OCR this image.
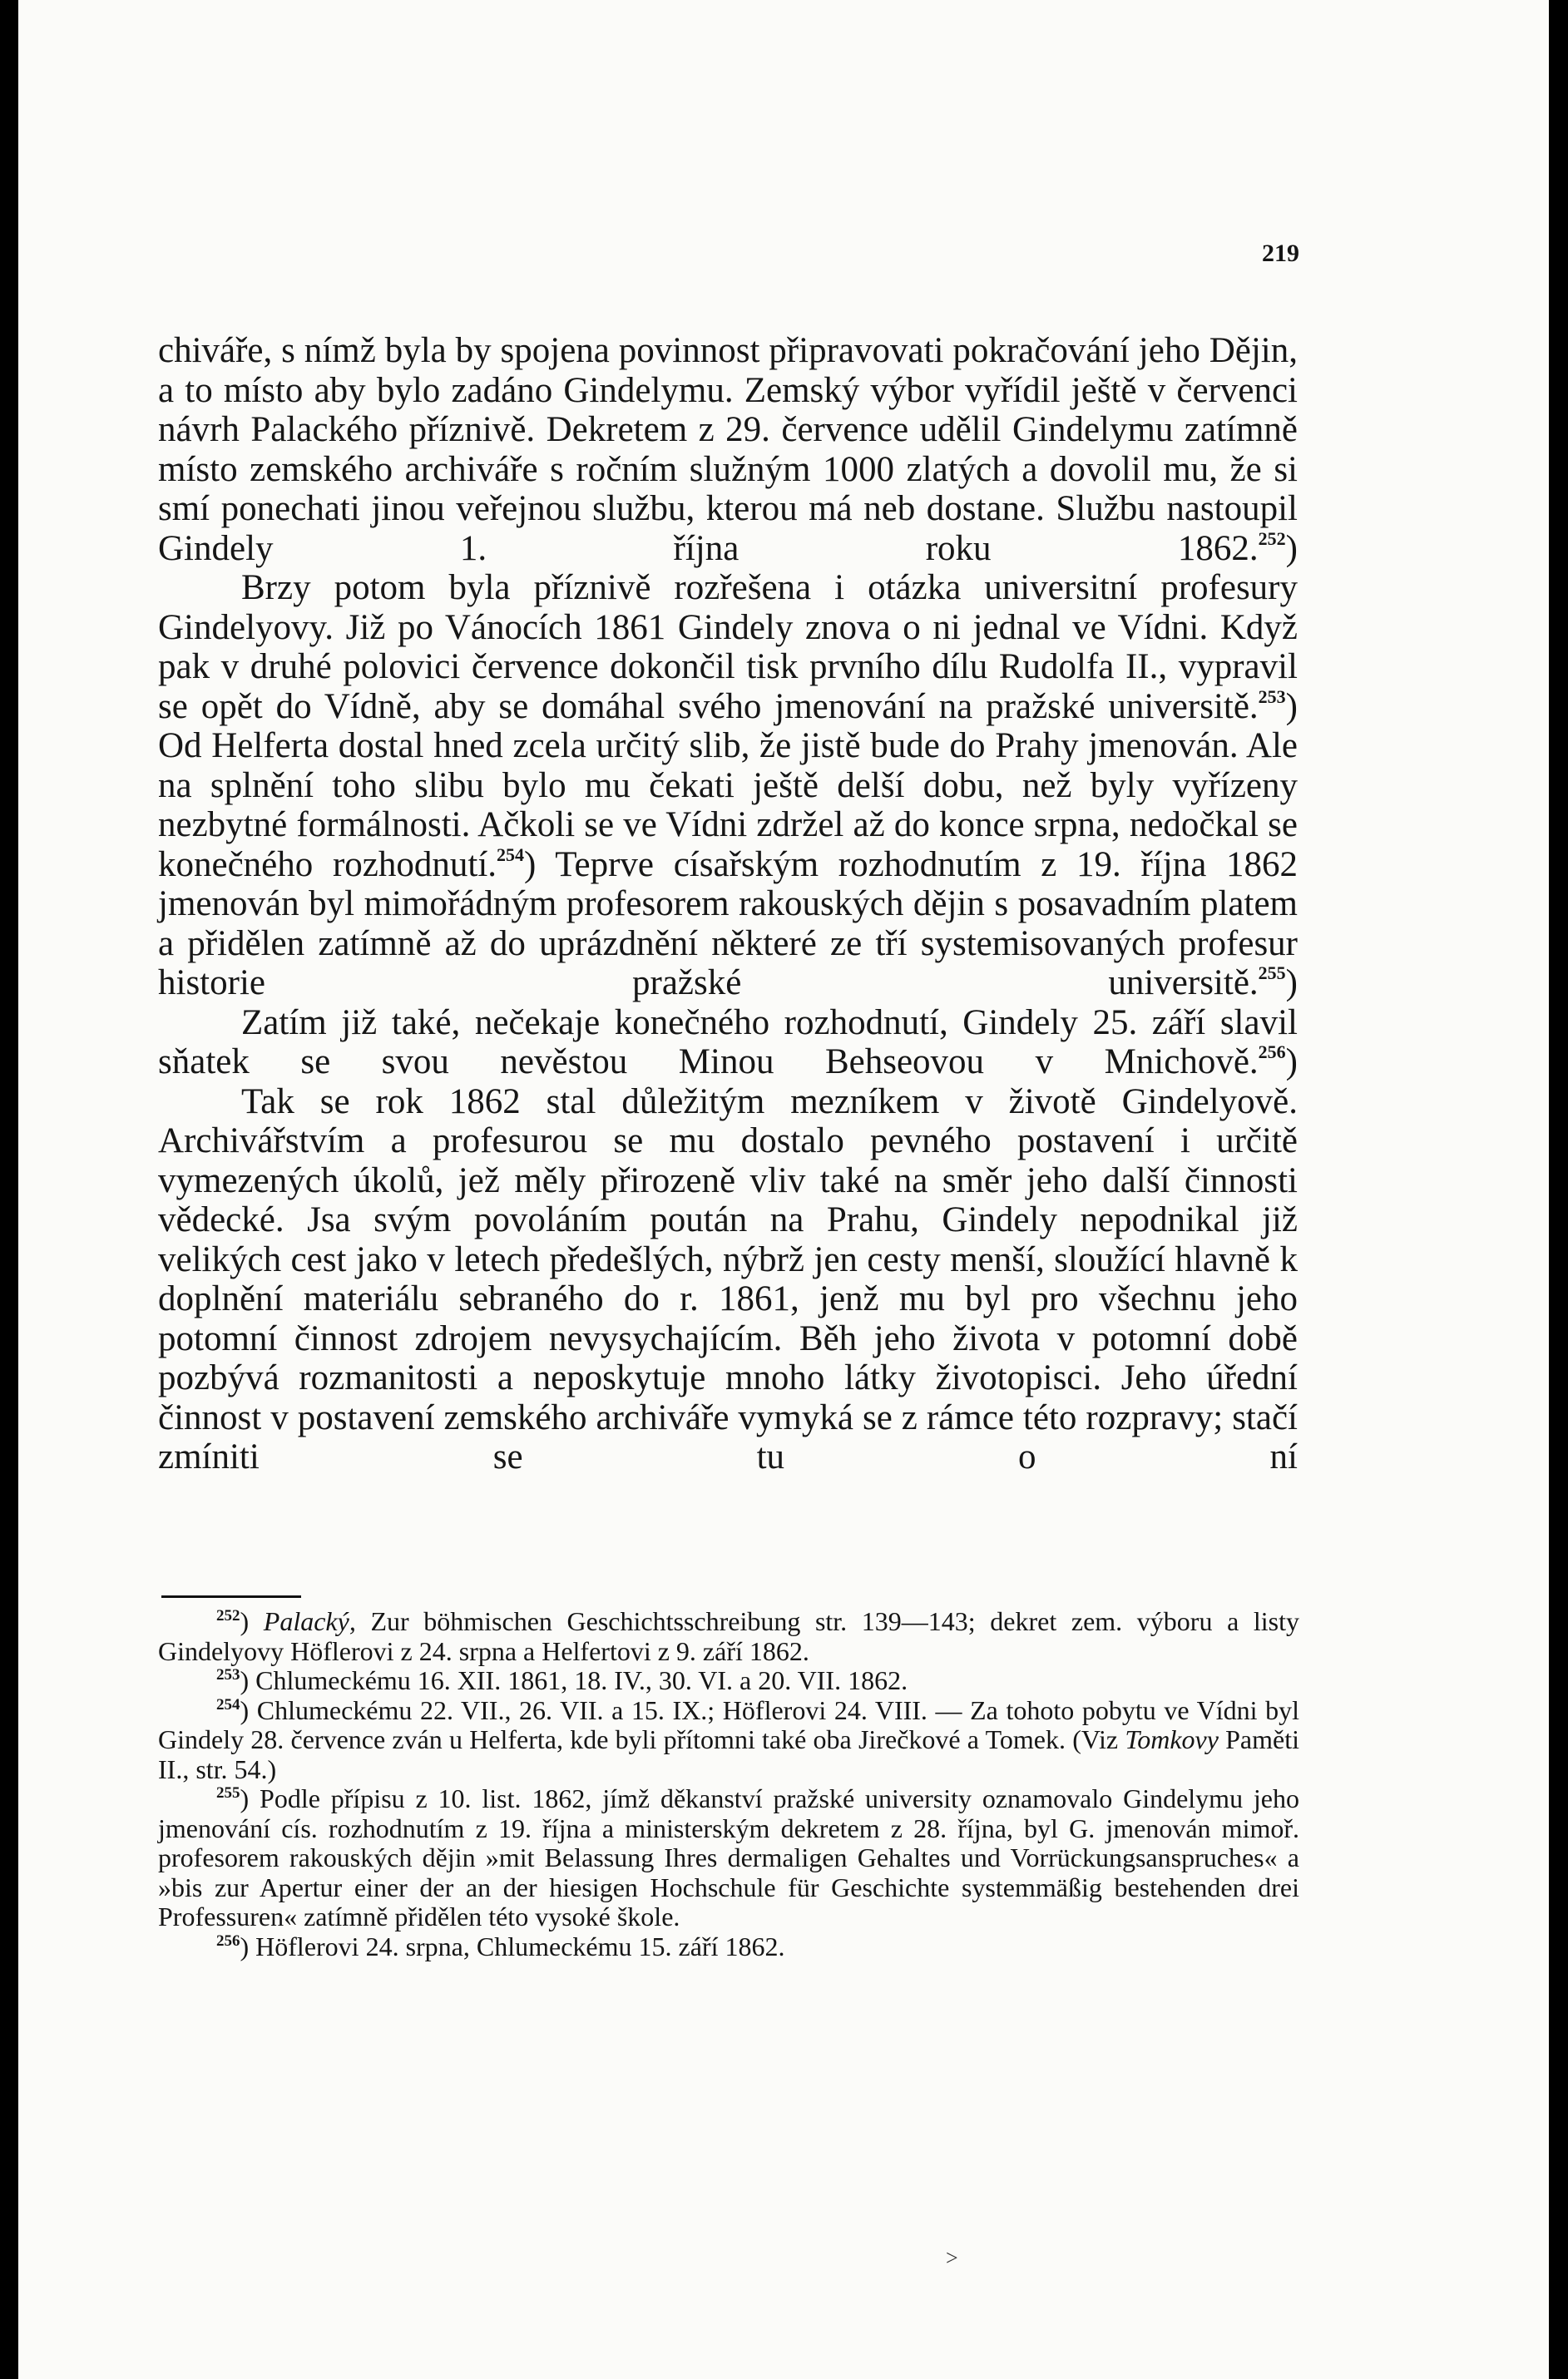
219

chiváře, s nímž byla by spojena povinnost připravovati pokračování jeho Dějin, a to místo aby bylo zadáno Gindelymu. Zemský výbor vyřídil ještě v červenci návrh Palackého příznivě. Dekretem z 29. července udělil Gindelymu zatímně místo zemského archiváře s ročním služným 1000 zlatých a dovolil mu, že si smí ponechati jinou veřejnou službu, kterou má neb dostane. Službu nastoupil Gindely 1. října roku 1862.$^{252}$)

Brzy potom byla příznivě rozřešena i otázka universitní profesury Gindelyovy. Již po Vánocích 1861 Gindely znova o ni jednal ve Vídni. Když pak v druhé polovici července dokončil tisk prvního dílu Rudolfa II., vypravil se opět do Vídně, aby se domáhal svého jmenování na pražské universitě.$^{253}$) Od Helferta dostal hned zcela určitý slib, že jistě bude do Prahy jmenován. Ale na splnění toho slibu bylo mu čekati ještě delší dobu, než byly vyřízeny nezbytné formálnosti. Ačkoli se ve Vídni zdržel až do konce srpna, nedočkal se konečného rozhodnutí.$^{254}$) Teprve císařským rozhodnutím z 19. října 1862 jmenován byl mimořádným profesorem rakouských dějin s posavadním platem a přidělen zatímně až do uprázdnění některé ze tří systemisovaných profesur historie pražské universitě.$^{255}$)

Zatím již také, nečekaje konečného rozhodnutí, Gindely 25. září slavil sňatek se svou nevěstou Minou Behseovou v Mnichově.$^{256}$)

Tak se rok 1862 stal důležitým mezníkem v životě Gindelyově. Archivářstvím a profesurou se mu dostalo pevného postavení i určitě vymezených úkolů, jež měly přirozeně vliv také na směr jeho další činnosti vědecké. Jsa svým povoláním poután na Prahu, Gindely nepodnikal již velikých cest jako v letech předešlých, nýbrž jen cesty menší, sloužící hlavně k doplnění materiálu sebraného do r. 1861, jenž mu byl pro všechnu jeho potomní činnost zdrojem nevysychajícím. Běh jeho života v potomní době pozbývá rozmanitosti a neposkytuje mnoho látky životopisci. Jeho úřední činnost v postavení zemského archiváře vymyká se z rámce této rozpravy; stačí zmíniti se tu o ní

$^{252}$) Palacký, Zur böhmischen Geschichtsschreibung str. 139—143; dekret zem. výboru a listy Gindelyovy Höflerovi z 24. srpna a Helfertovi z 9. září 1862.

$^{253}$) Chlumeckému 16. XII. 1861, 18. IV., 30. VI. a 20. VII. 1862.

$^{254}$) Chlumeckému 22. VII., 26. VII. a 15. IX.; Höflerovi 24. VIII. — Za tohoto pobytu ve Vídni byl Gindely 28. července zván u Helferta, kde byli přítomni také oba Jirečkové a Tomek. (Viz Tomkovy Paměti II., str. 54.)

$^{255}$) Podle přípisu z 10. list. 1862, jímž děkanství pražské university oznamovalo Gindelymu jeho jmenování cís. rozhodnutím z 19. října a ministerským dekretem z 28. října, byl G. jmenován mimoř. profesorem rakouských dějin »mit Belassung Ihres dermaligen Gehaltes und Vorrückungsanspruches« a »bis zur Apertur einer der an der hiesigen Hochschule für Geschichte systemmäßig bestehenden drei Professuren« zatímně přidělen této vysoké škole.

$^{256}$) Höflerovi 24. srpna, Chlumeckému 15. září 1862.

˃
